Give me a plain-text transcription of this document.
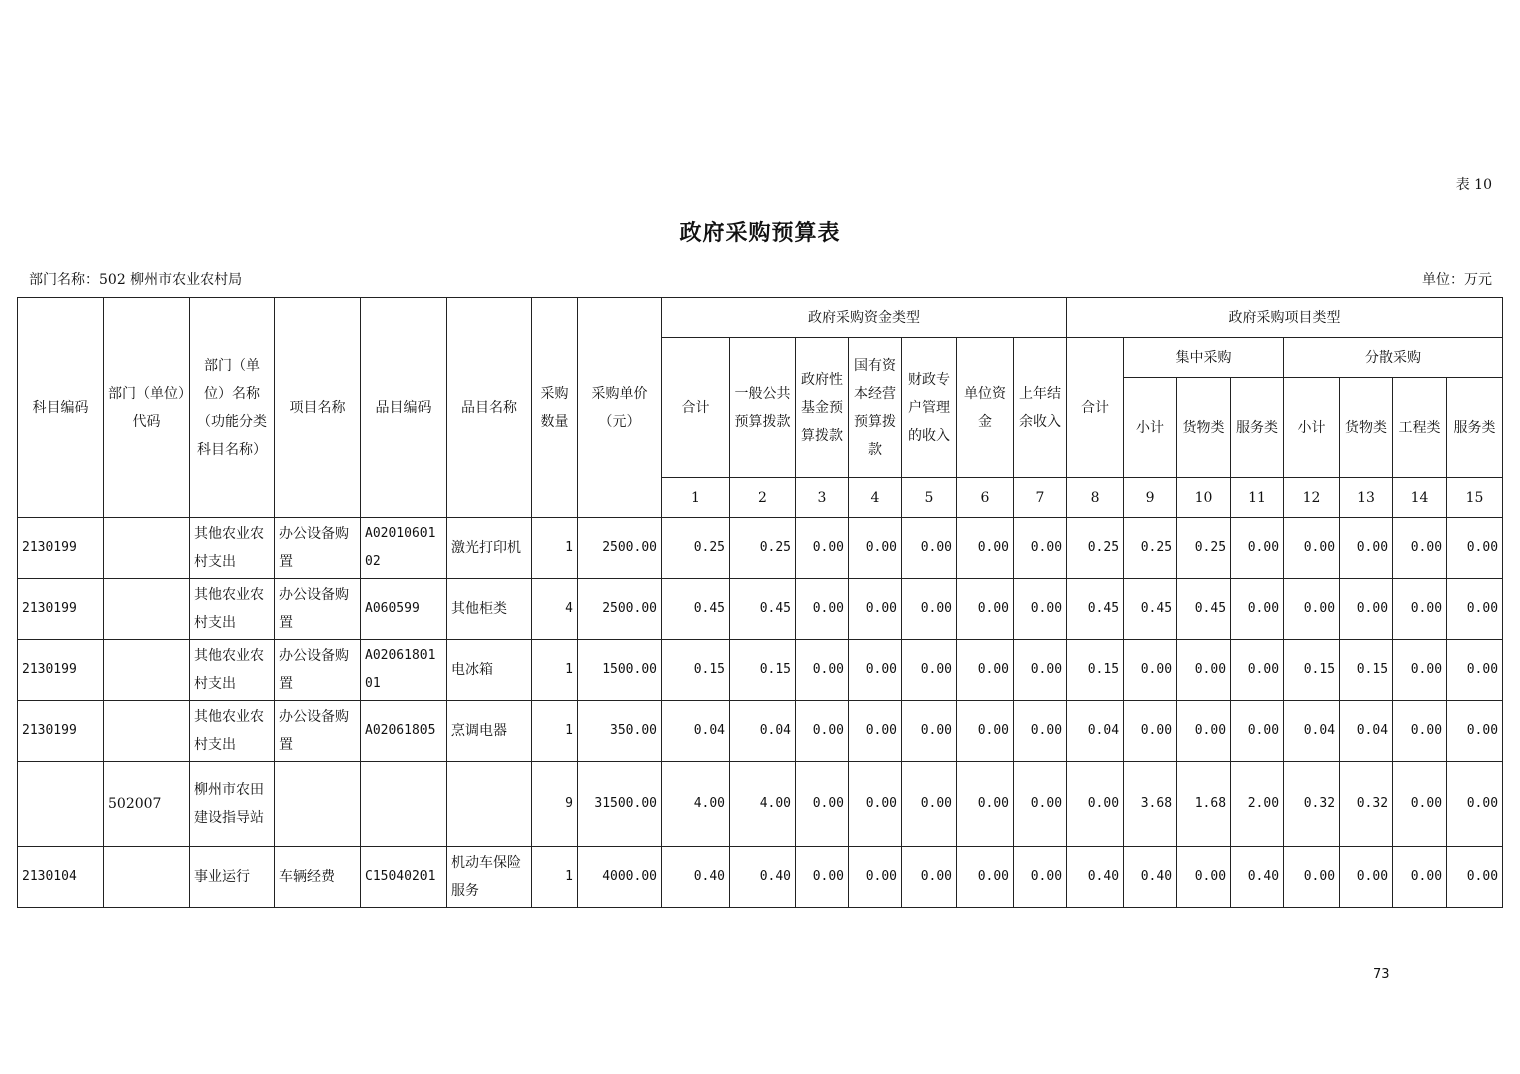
表 10
政府采购预算表
部门名称：502 柳州市农业农村局	单位：万元
科目编码	部门（单位）代码	部门（单位）名称（功能分类科目名称）	项目名称	品目编码	品目名称	采购数量	采购单价（元）	政府采购资金类型							政府采购项目类型							
								合计	一般公共预算拨款	政府性基金预算拨款	国有资本经营预算拨款	财政专户管理的收入	单位资金	上年结余收入	合计	集中采购			分散采购			
																小计	货物类	服务类	小计	货物类	工程类	服务类
								1	2	3	4	5	6	7	8	9	10	11	12	13	14	15
2130199		其他农业农村支出	办公设备购置	A0201060102	激光打印机	1	2500.00	0.25	0.25	0.00	0.00	0.00	0.00	0.00	0.25	0.25	0.25	0.00	0.00	0.00	0.00	0.00
2130199		其他农业农村支出	办公设备购置	A060599	其他柜类	4	2500.00	0.45	0.45	0.00	0.00	0.00	0.00	0.00	0.45	0.45	0.45	0.00	0.00	0.00	0.00	0.00
2130199		其他农业农村支出	办公设备购置	A0206180101	电冰箱	1	1500.00	0.15	0.15	0.00	0.00	0.00	0.00	0.00	0.15	0.00	0.00	0.00	0.15	0.15	0.00	0.00
2130199		其他农业农村支出	办公设备购置	A02061805	烹调电器	1	350.00	0.04	0.04	0.00	0.00	0.00	0.00	0.00	0.04	0.00	0.00	0.00	0.04	0.04	0.00	0.00
	502007	柳州市农田建设指导站				9	31500.00	4.00	4.00	0.00	0.00	0.00	0.00	0.00	0.00	3.68	1.68	2.00	0.32	0.32	0.00	0.00
2130104		事业运行	车辆经费	C15040201	机动车保险服务	1	4000.00	0.40	0.40	0.00	0.00	0.00	0.00	0.00	0.40	0.40	0.00	0.40	0.00	0.00	0.00	0.00
73
